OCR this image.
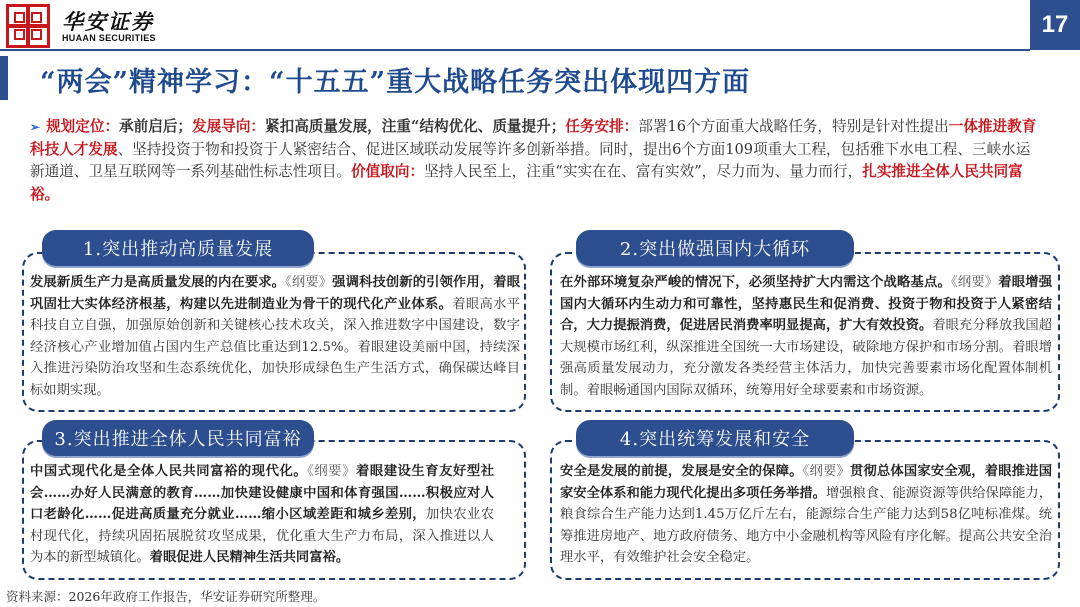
华安证券
HUAAN SECURITIES	17
“两会”精神学习：“十五五”重大战略任务突出体现四方面
➢ 规划定位：承前启后；发展导向：紧扣高质量发展，注重“结构优化、质量提升；任务安排：部署16个方面重大战略任务，特别是针对性提出一体推进教育科技人才发展、坚持投资于物和投资于人紧密结合、促进区域联动发展等许多创新举措。同时，提出6个方面109项重大工程，包括雅下水电工程、三峡水运新通道、卫星互联网等一系列基础性标志性项目。价值取向：坚持人民至上，注重“实实在在、富有实效”，尽力而为、量力而行，扎实推进全体人民共同富裕。
发展新质生产力是高质量发展的内在要求。《纲要》强调科技创新的引领作用，着眼巩固壮大实体经济根基，构建以先进制造业为骨干的现代化产业体系。着眼高水平科技自立自强，加强原始创新和关键核心技术攻关，深入推进数字中国建设，数字经济核心产业增加值占国内生产总值比重达到12.5%。着眼建设美丽中国，持续深入推进污染防治攻坚和生态系统优化，加快形成绿色生产生活方式，确保碳达峰目标如期实现。
1.突出推动高质量发展
在外部环境复杂严峻的情况下，必须坚持扩大内需这个战略基点。《纲要》着眼增强国内大循环内生动力和可靠性，坚持惠民生和促消费、投资于物和投资于人紧密结合，大力提振消费，促进居民消费率明显提高，扩大有效投资。着眼充分释放我国超大规模市场红利，纵深推进全国统一大市场建设，破除地方保护和市场分割。着眼增强高质量发展动力，充分激发各类经营主体活力，加快完善要素市场化配置体制机制。着眼畅通国内国际双循环，统筹用好全球要素和市场资源。
2.突出做强国内大循环
中国式现代化是全体人民共同富裕的现代化。《纲要》着眼建设生育友好型社会……办好人民满意的教育……加快建设健康中国和体育强国……积极应对人口老龄化……促进高质量充分就业……缩小区域差距和城乡差别，加快农业农村现代化，持续巩固拓展脱贫攻坚成果，优化重大生产力布局，深入推进以人为本的新型城镇化。着眼促进人民精神生活共同富裕。
3.突出推进全体人民共同富裕
安全是发展的前提，发展是安全的保障。《纲要》贯彻总体国家安全观，着眼推进国家安全体系和能力现代化提出多项任务举措。增强粮食、能源资源等供给保障能力，粮食综合生产能力达到1.45万亿斤左右，能源综合生产能力达到58亿吨标准煤。统筹推进房地产、地方政府债务、地方中小金融机构等风险有序化解。提高公共安全治理水平，有效维护社会安全稳定。
4.突出统筹发展和安全
资料来源：2026年政府工作报告，华安证券研究所整理。
